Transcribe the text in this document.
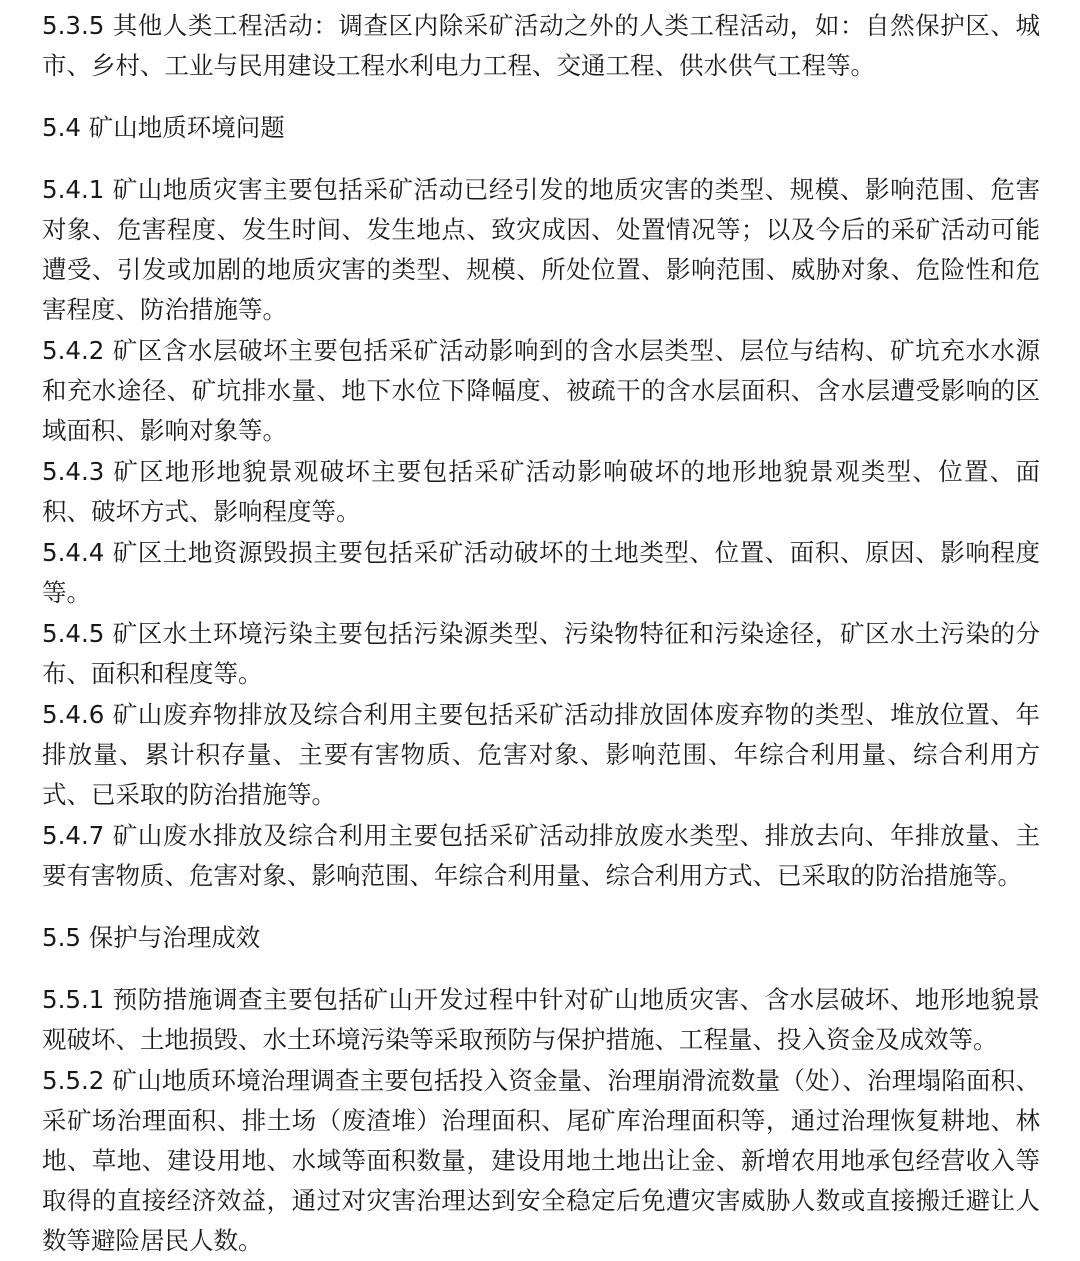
5.3.5 其他人类工程活动：调查区内除采矿活动之外的人类工程活动，如：自然保护区、城市、乡村、工业与民用建设工程水利电力工程、交通工程、供水供气工程等。

5.4 矿山地质环境问题

5.4.1 矿山地质灾害主要包括采矿活动已经引发的地质灾害的类型、规模、影响范围、危害对象、危害程度、发生时间、发生地点、致灾成因、处置情况等；以及今后的采矿活动可能遭受、引发或加剧的地质灾害的类型、规模、所处位置、影响范围、威胁对象、危险性和危害程度、防治措施等。

5.4.2 矿区含水层破坏主要包括采矿活动影响到的含水层类型、层位与结构、矿坑充水水源和充水途径、矿坑排水量、地下水位下降幅度、被疏干的含水层面积、含水层遭受影响的区域面积、影响对象等。

5.4.3 矿区地形地貌景观破坏主要包括采矿活动影响破坏的地形地貌景观类型、位置、面积、破坏方式、影响程度等。

5.4.4 矿区土地资源毁损主要包括采矿活动破坏的土地类型、位置、面积、原因、影响程度等。

5.4.5 矿区水土环境污染主要包括污染源类型、污染物特征和污染途径，矿区水土污染的分布、面积和程度等。

5.4.6 矿山废弃物排放及综合利用主要包括采矿活动排放固体废弃物的类型、堆放位置、年排放量、累计积存量、主要有害物质、危害对象、影响范围、年综合利用量、综合利用方式、已采取的防治措施等。

5.4.7 矿山废水排放及综合利用主要包括采矿活动排放废水类型、排放去向、年排放量、主要有害物质、危害对象、影响范围、年综合利用量、综合利用方式、已采取的防治措施等。

5.5 保护与治理成效

5.5.1 预防措施调查主要包括矿山开发过程中针对矿山地质灾害、含水层破坏、地形地貌景观破坏、土地损毁、水土环境污染等采取预防与保护措施、工程量、投入资金及成效等。

5.5.2 矿山地质环境治理调查主要包括投入资金量、治理崩滑流数量（处）、治理塌陷面积、采矿场治理面积、排土场（废渣堆）治理面积、尾矿库治理面积等，通过治理恢复耕地、林地、草地、建设用地、水域等面积数量，建设用地土地出让金、新增农用地承包经营收入等取得的直接经济效益，通过对灾害治理达到安全稳定后免遭灾害威胁人数或直接搬迁避让人数等避险居民人数。
